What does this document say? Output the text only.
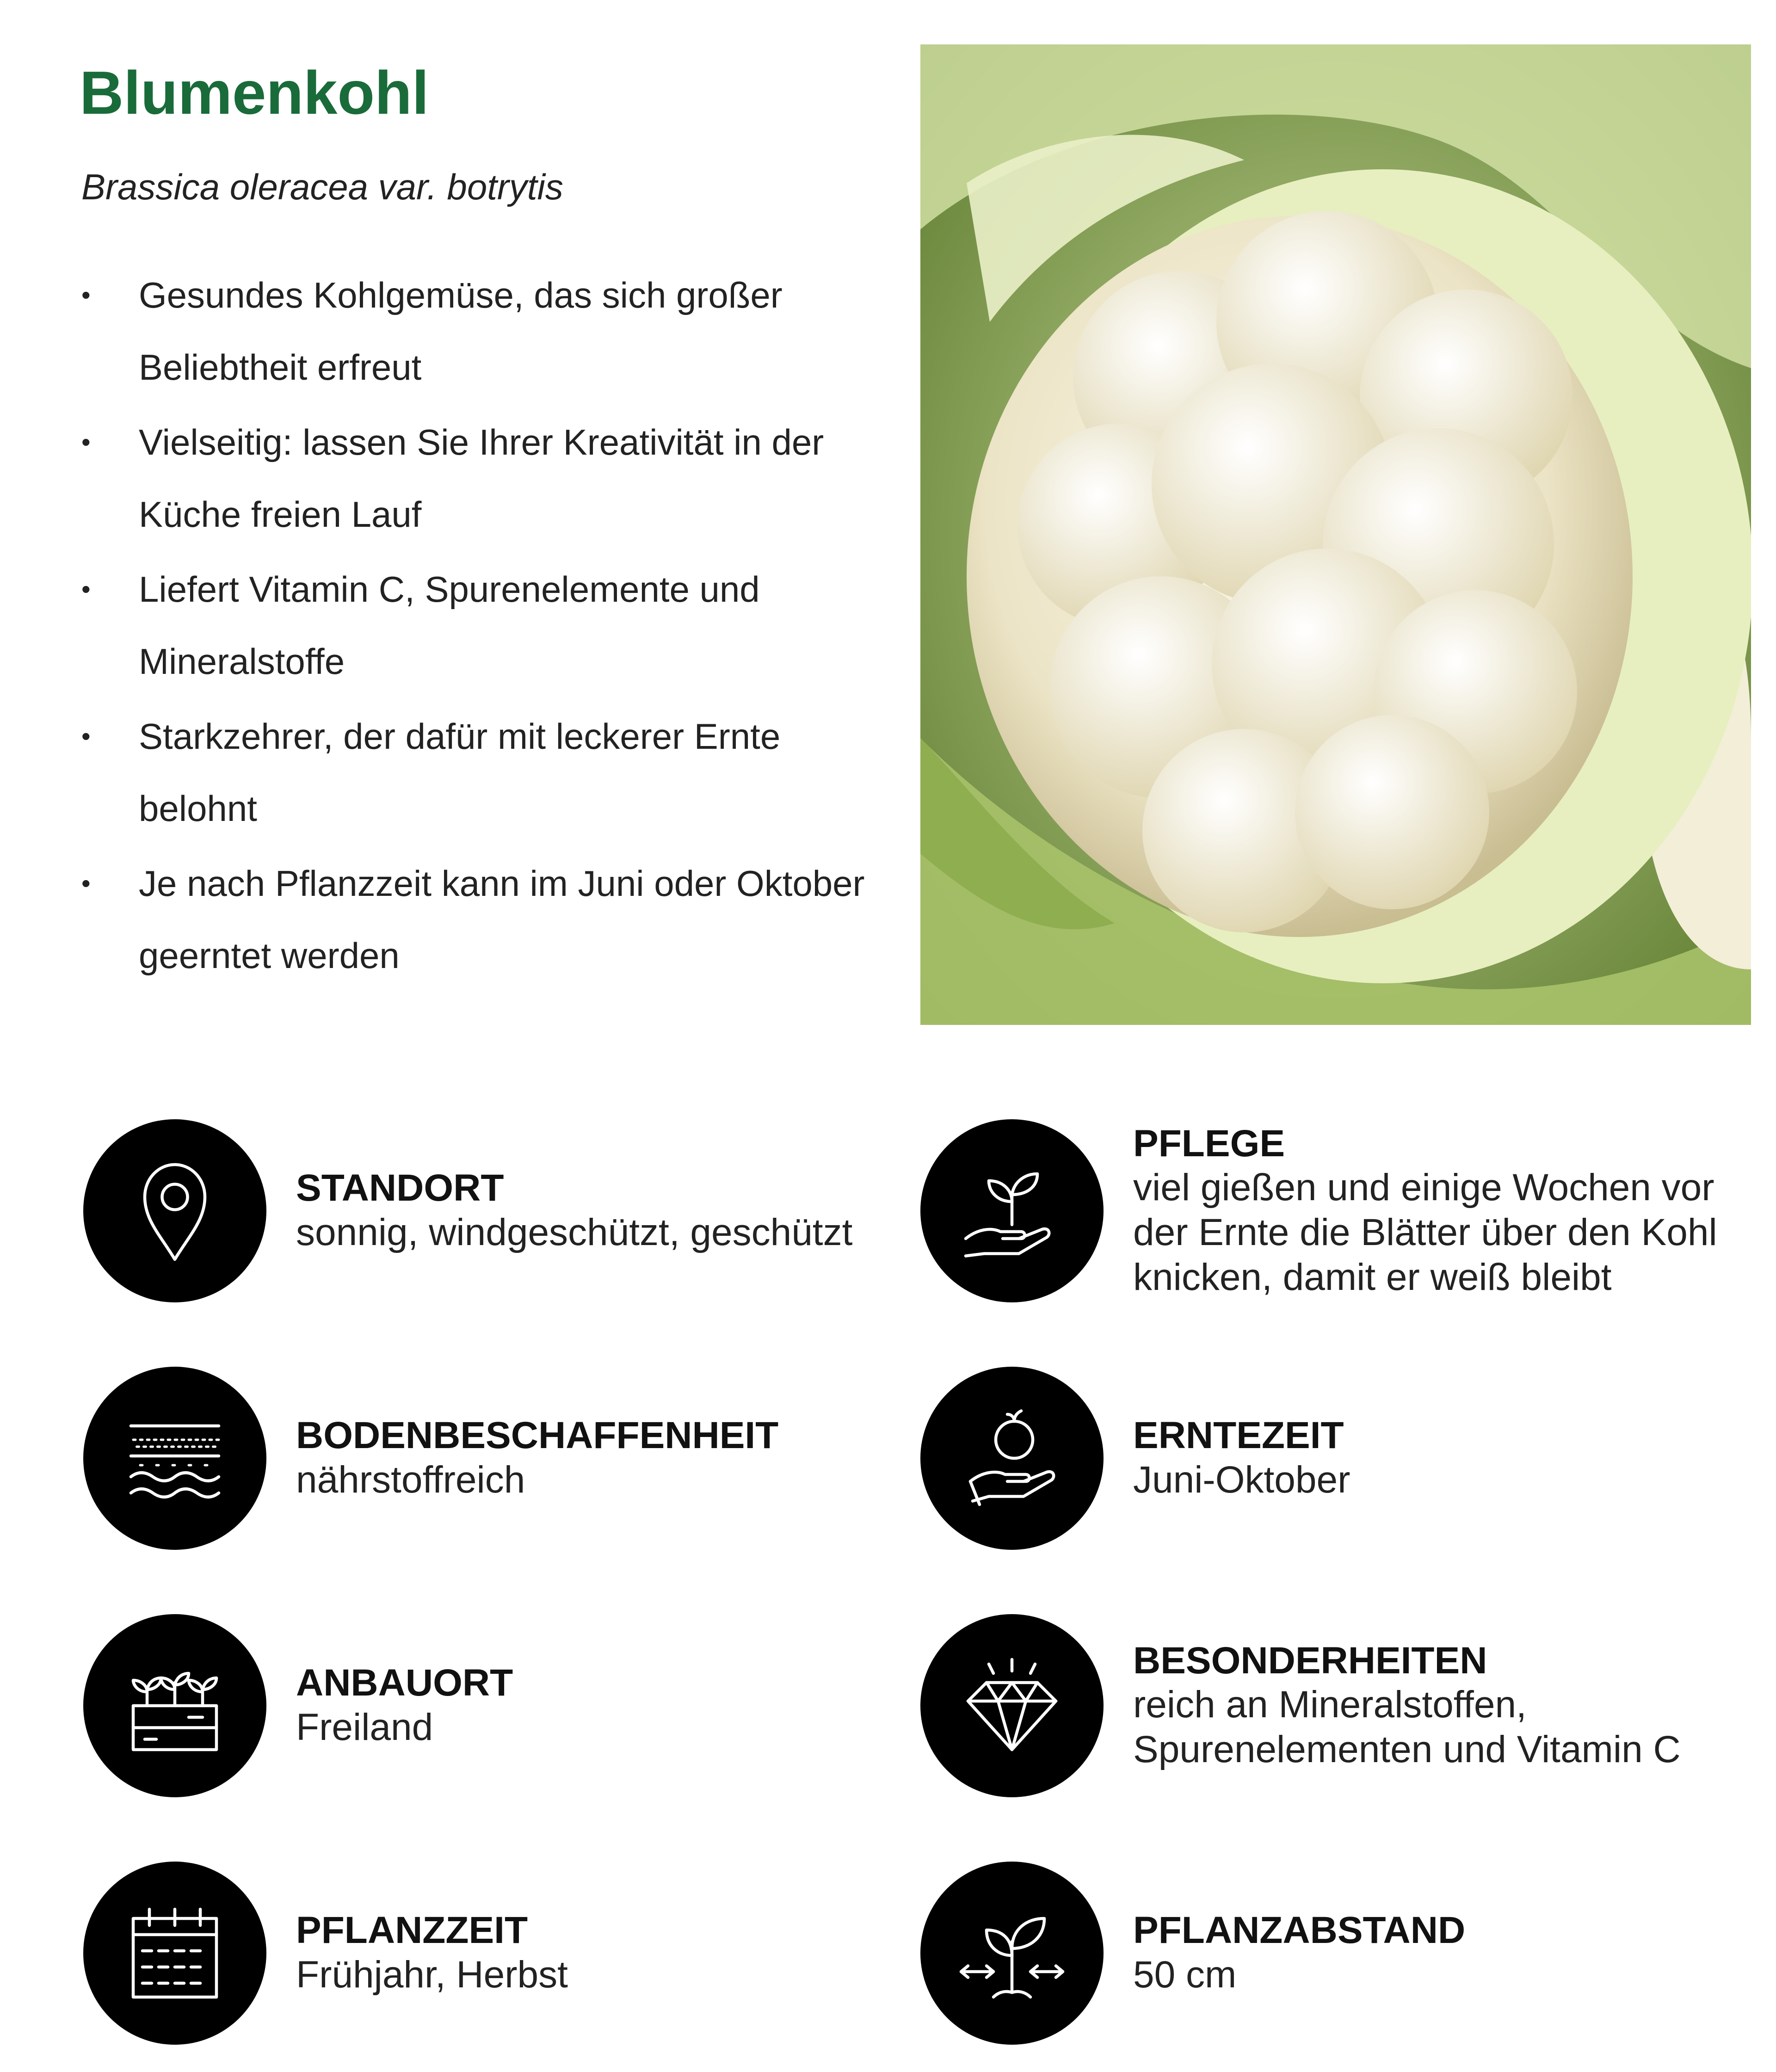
Blumenkohl
Brassica oleracea var. botrytis
• Gesundes Kohlgemüse, das sich großer Beliebtheit erfreut
• Vielseitig: lassen Sie Ihrer Kreativität in der Küche freien Lauf
• Liefert Vitamin C, Spurenelemente und Mineralstoffe
• Starkzehrer, der dafür mit leckerer Ernte belohnt
• Je nach Pflanzzeit kann im Juni oder Oktober geerntet werden
STANDORT
sonnig, windgeschützt, geschützt
BODENBESCHAFFENHEIT
nährstoffreich
ANBAUORT
Freiland
PFLANZZEIT
Frühjahr, Herbst
PFLEGE
viel gießen und einige Wochen vor der Ernte die Blätter über den Kohl knicken, damit er weiß bleibt
ERNTEZEIT
Juni-Oktober
BESONDERHEITEN
reich an Mineralstoffen, Spurenelementen und Vitamin C
PFLANZABSTAND
50 cm
